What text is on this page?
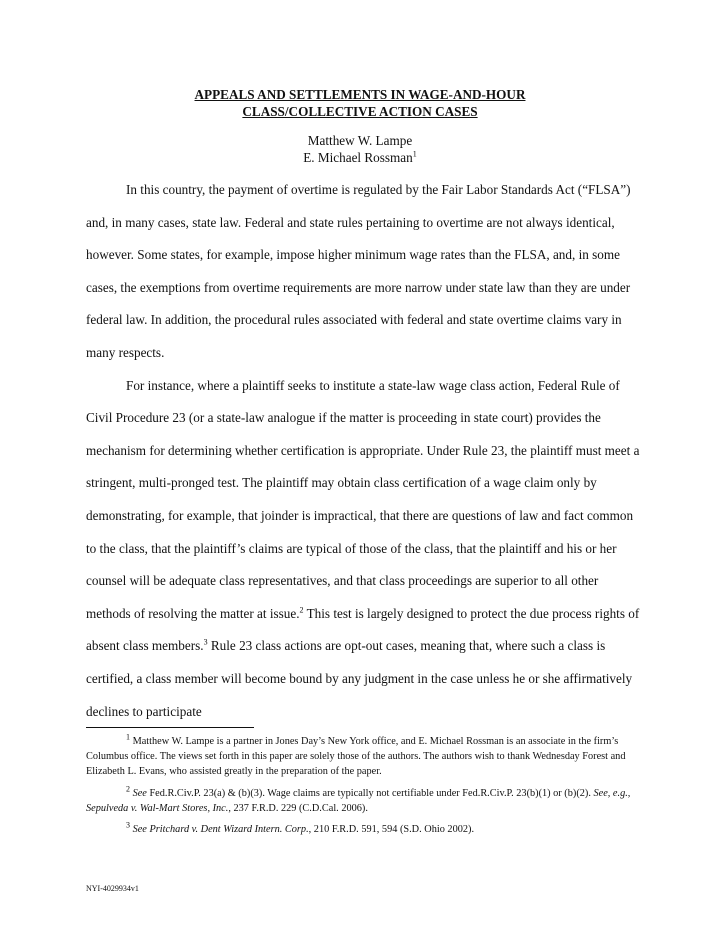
APPEALS AND SETTLEMENTS IN WAGE-AND-HOUR
CLASS/COLLECTIVE ACTION CASES
Matthew W. Lampe
E. Michael Rossman$^1$

In this country, the payment of overtime is regulated by the Fair Labor Standards Act (“FLSA”) and, in many cases, state law. Federal and state rules pertaining to overtime are not always identical, however. Some states, for example, impose higher minimum wage rates than the FLSA, and, in some cases, the exemptions from overtime requirements are more narrow under state law than they are under federal law. In addition, the procedural rules associated with federal and state overtime claims vary in many respects.

For instance, where a plaintiff seeks to institute a state-law wage class action, Federal Rule of Civil Procedure 23 (or a state-law analogue if the matter is proceeding in state court) provides the mechanism for determining whether certification is appropriate. Under Rule 23, the plaintiff must meet a stringent, multi-pronged test. The plaintiff may obtain class certification of a wage claim only by demonstrating, for example, that joinder is impractical, that there are questions of law and fact common to the class, that the plaintiff’s claims are typical of those of the class, that the plaintiff and his or her counsel will be adequate class representatives, and that class proceedings are superior to all other methods of resolving the matter at issue.$^2$ This test is largely designed to protect the due process rights of absent class members.$^3$ Rule 23 class actions are opt-out cases, meaning that, where such a class is certified, a class member will become bound by any judgment in the case unless he or she affirmatively declines to participate

$^1$ Matthew W. Lampe is a partner in Jones Day’s New York office, and E. Michael Rossman is an associate in the firm’s Columbus office. The views set forth in this paper are solely those of the authors. The authors wish to thank Wednesday Forest and Elizabeth L. Evans, who assisted greatly in the preparation of the paper.

$^2$ See Fed.R.Civ.P. 23(a) & (b)(3). Wage claims are typically not certifiable under Fed.R.Civ.P. 23(b)(1) or (b)(2). See, e.g., Sepulveda v. Wal-Mart Stores, Inc., 237 F.R.D. 229 (C.D.Cal. 2006).

$^3$ See Pritchard v. Dent Wizard Intern. Corp., 210 F.R.D. 591, 594 (S.D. Ohio 2002).

NYI-4029934v1
